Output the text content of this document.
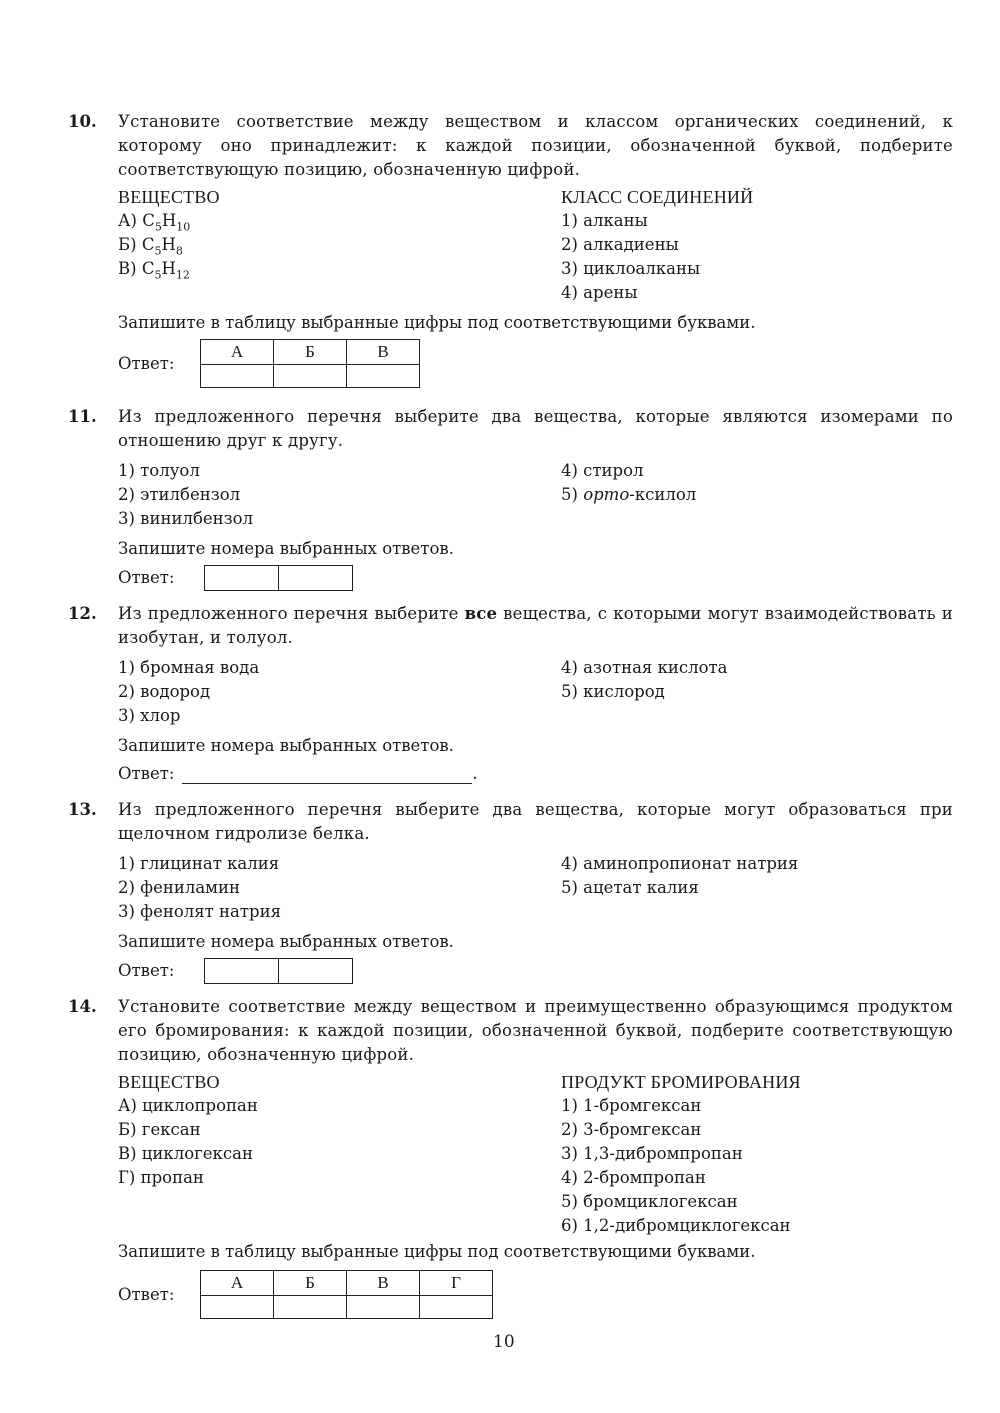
10. Установите соответствие между веществом и классом органических соединений, к которому оно принадлежит: к каждой позиции, обозначенной буквой, подберите соответствующую позицию, обозначенную цифрой.
ВЕЩЕСТВО
А) $C_5H_{10}$
Б) $C_5H_8$
В) $C_5H_{12}$
КЛАСС СОЕДИНЕНИЙ
1) алканы
2) алкадиены
3) циклоалканы
4) арены
Запишите в таблицу выбранные цифры под соответствующими буквами.
Ответ:
А	Б	В

11. Из предложенного перечня выберите два вещества, которые являются изомерами по отношению друг к другу.
1) толуол
2) этилбензол
3) винилбензол
4) стирол
5) орто-ксилол
Запишите номера выбранных ответов.
Ответ:
12. Из предложенного перечня выберите все вещества, с которыми могут взаимодействовать и изобутан, и толуол.
1) бромная вода
2) водород
3) хлор
4) азотная кислота
5) кислород
Запишите номера выбранных ответов.
Ответ:	.
13. Из предложенного перечня выберите два вещества, которые могут образоваться при щелочном гидролизе белка.
1) глицинат калия
2) фениламин
3) фенолят натрия
4) аминопропионат натрия
5) ацетат калия
Запишите номера выбранных ответов.
Ответ:
14. Установите соответствие между веществом и преимущественно образующимся продуктом его бромирования: к каждой позиции, обозначенной буквой, подберите соответствующую позицию, обозначенную цифрой.
ВЕЩЕСТВО
А) циклопропан
Б) гексан
В) циклогексан
Г) пропан
ПРОДУКТ БРОМИРОВАНИЯ
1) 1-бромгексан
2) 3-бромгексан
3) 1,3-дибромпропан
4) 2-бромпропан
5) бромциклогексан
6) 1,2-дибромциклогексан
Запишите в таблицу выбранные цифры под соответствующими буквами.
Ответ:
А	Б	В	Г

10
